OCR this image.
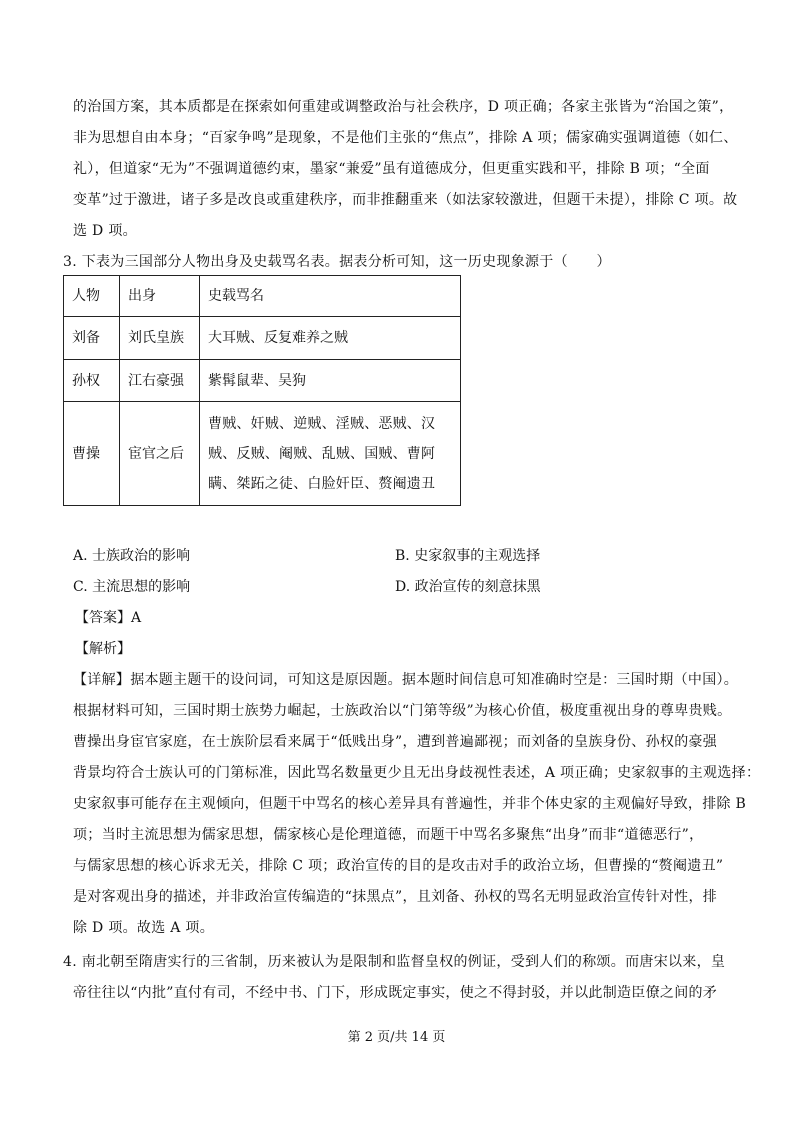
的治国方案，其本质都是在探索如何重建或调整政治与社会秩序，D 项正确；各家主张皆为“治国之策”，
非为思想自由本身；“百家争鸣”是现象，不是他们主张的“焦点”，排除 A 项；儒家确实强调道德（如仁、
礼），但道家“无为”不强调道德约束，墨家“兼爱”虽有道德成分，但更重实践和平，排除 B 项；“全面
变革”过于激进，诸子多是改良或重建秩序，而非推翻重来（如法家较激进，但题干未提），排除 C 项。故
选 D 项。
3. 下表为三国部分人物出身及史载骂名表。据表分析可知，这一历史现象源于（　　）
人物	出身	史载骂名
刘备	刘氏皇族	大耳贼、反复难养之贼
孙权	江右豪强	紫髯鼠辈、吴狗
曹操	宦官之后	曹贼、奸贼、逆贼、淫贼、恶贼、汉贼、反贼、阉贼、乱贼、国贼、曹阿瞒、桀跖之徒、白脸奸臣、赘阉遗丑
A. 士族政治的影响	B. 史家叙事的主观选择
C. 主流思想的影响	D. 政治宣传的刻意抹黑
【答案】A
【解析】
【详解】据本题主题干的设问词，可知这是原因题。据本题时间信息可知准确时空是：三国时期（中国）。
根据材料可知，三国时期士族势力崛起，士族政治以“门第等级”为核心价值，极度重视出身的尊卑贵贱。
曹操出身宦官家庭，在士族阶层看来属于“低贱出身”，遭到普遍鄙视；而刘备的皇族身份、孙权的豪强
背景均符合士族认可的门第标准，因此骂名数量更少且无出身歧视性表述，A 项正确；史家叙事的主观选择：
史家叙事可能存在主观倾向，但题干中骂名的核心差异具有普遍性，并非个体史家的主观偏好导致，排除 B
项；当时主流思想为儒家思想，儒家核心是伦理道德，而题干中骂名多聚焦“出身”而非“道德恶行”，
与儒家思想的核心诉求无关，排除 C 项；政治宣传的目的是攻击对手的政治立场，但曹操的“赘阉遗丑”
是对客观出身的描述，并非政治宣传编造的“抹黑点”，且刘备、孙权的骂名无明显政治宣传针对性，排
除 D 项。故选 A 项。
4. 南北朝至隋唐实行的三省制，历来被认为是限制和监督皇权的例证，受到人们的称颂。而唐宋以来，皇
帝往往以“内批”直付有司，不经中书、门下，形成既定事实，使之不得封驳，并以此制造臣僚之间的矛
第 2 页/共 14 页
